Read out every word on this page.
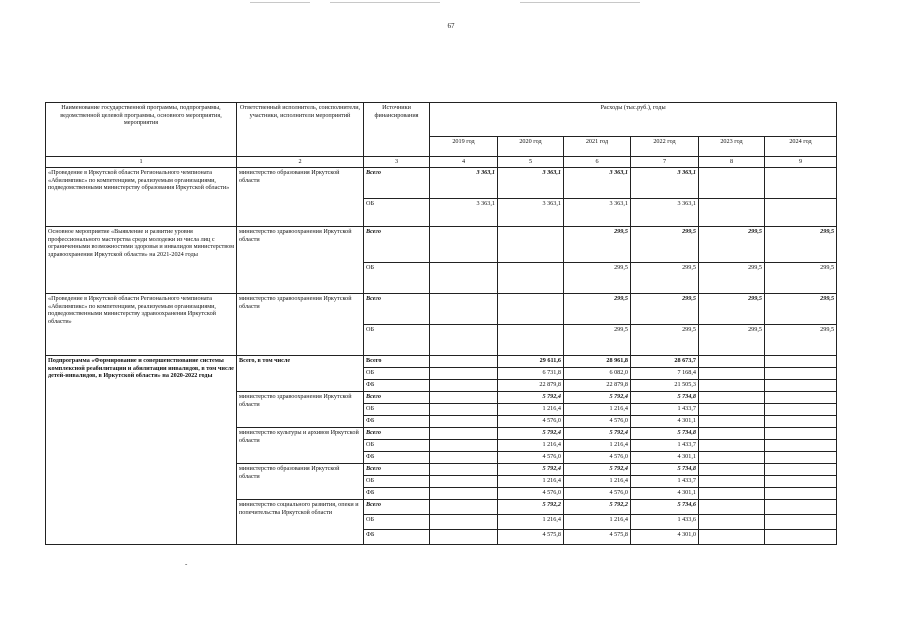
67
Наименование государственной программы, подпрограммы, ведомственной целевой программы, основного мероприятия, мероприятия	Ответственный исполнитель, соисполнители, участники, исполнители мероприятий	Источники финансирования	Расходы (тыс.руб.), годы					
			2019 год	2020 год	2021 год	2022 год	2023 год	2024 год
1	2	3	4	5	6	7	8	9
«Проведение в Иркутской области Регионального чемпионата «Абилимпикс» по компетенциям, реализуемым организациями, подведомственными министерству образования Иркутской области»	министерство образования Иркутской области	Всего	3 363,1	3 363,1	3 363,1	3 363,1		
		ОБ	3 363,1	3 363,1	3 363,1	3 363,1		
Основное мероприятие «Выявление и развитие уровня профессионального мастерства среди молодежи из числа лиц с ограниченными возможностями здоровья и инвалидов министерством здравоохранения Иркутской области» на 2021-2024 годы	министерство здравоохранения Иркутской области	Всего			299,5	299,5	299,5	299,5
		ОБ			299,5	299,5	299,5	299,5
«Проведение в Иркутской области Регионального чемпионата «Абилимпикс» по компетенциям, реализуемым организациями, подведомственными министерству здравоохранения Иркутской области»	министерство здравоохранения Иркутской области	Всего			299,5	299,5	299,5	299,5
		ОБ			299,5	299,5	299,5	299,5
Подпрограмма «Формирование и совершенствование системы комплексной реабилитации и абилитации инвалидов, в том числе детей-инвалидов, в Иркутской области» на 2020-2022 годы	Всего, в том числе	Всего		29 611,6	28 961,8	28 673,7		
		ОБ		6 731,8	6 082,0	7 168,4		
		ФБ		22 879,8	22 879,8	21 505,3		
	министерство здравоохранения Иркутской области	Всего		5 792,4	5 792,4	5 734,8		
		ОБ		1 216,4	1 216,4	1 433,7		
		ФБ		4 576,0	4 576,0	4 301,1		
	министерство культуры и архивов Иркутской области	Всего		5 792,4	5 792,4	5 734,8		
		ОБ		1 216,4	1 216,4	1 433,7		
		ФБ		4 576,0	4 576,0	4 301,1		
	министерство образования Иркутской области	Всего		5 792,4	5 792,4	5 734,8		
		ОБ		1 216,4	1 216,4	1 433,7		
		ФБ		4 576,0	4 576,0	4 301,1		
	министерство социального развития, опеки и попечительства Иркутской области	Всего		5 792,2	5 792,2	5 734,6		
		ОБ		1 216,4	1 216,4	1 433,6		
		ФБ		4 575,8	4 575,8	4 301,0		
-
